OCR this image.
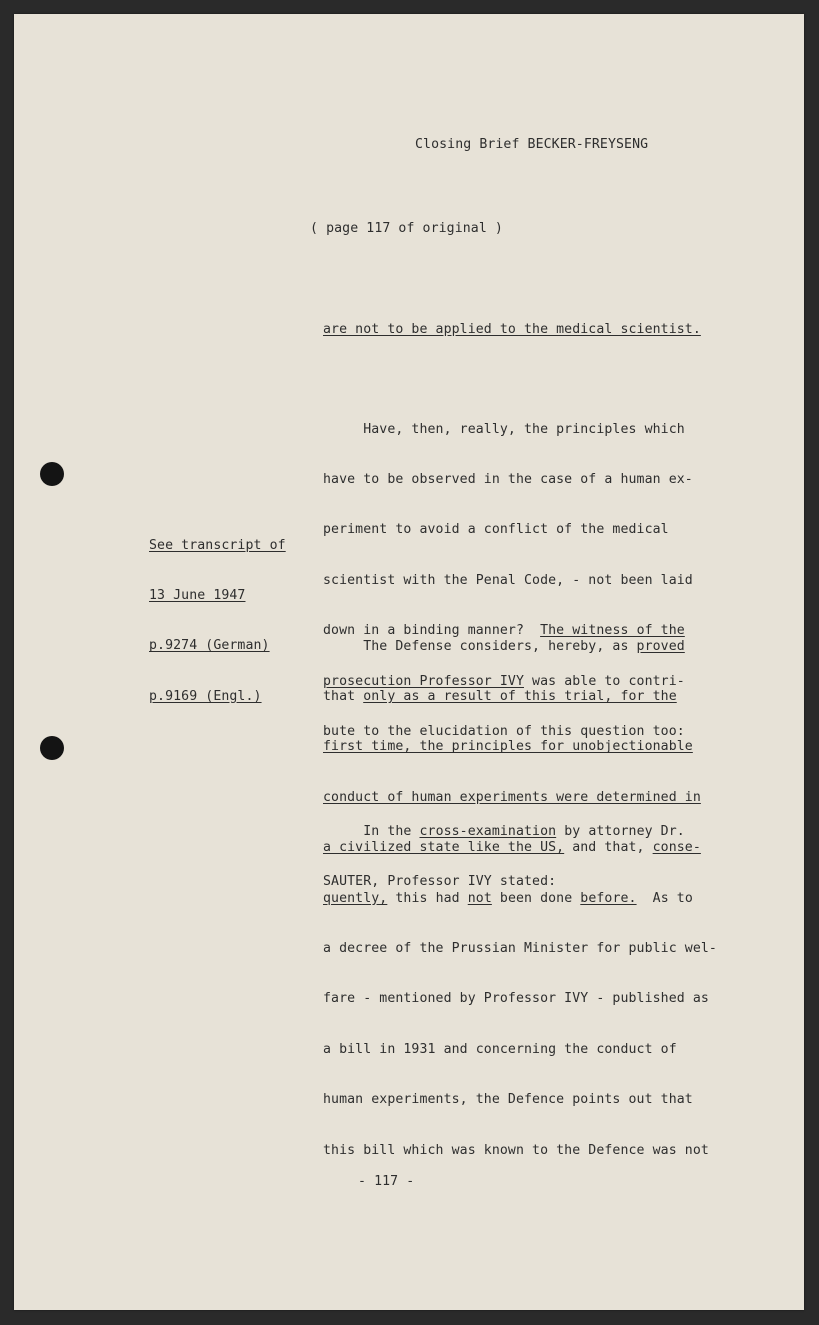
Closing Brief BECKER-FREYSENG
( page 117 of original )

are not to be applied to the medical scientist.

Have, then, really, the principles which

have to be observed in the case of a human ex-

periment to avoid a conflict of the medical

scientist with the Penal Code, - not been laid

down in a binding manner? The witness of the

prosecution Professor IVY was able to contri-

bute to the elucidation of this question too:

In the cross-examination by attorney Dr.

SAUTER, Professor IVY stated:

See transcript of

13 June 1947

p.9274 (German)

p.9169 (Engl.)

The Defense considers, hereby, as proved

that only as a result of this trial, for the

first time, the principles for unobjectionable

conduct of human experiments were determined in

a civilized state like the US, and that, conse-

quently, this had not been done before.  As to

a decree of the Prussian Minister for public wel-

fare - mentioned by Professor IVY - published as

a bill in 1931 and concerning the conduct of

human experiments, the Defence points out that

this bill which was known to the Defence was not

- 117 -
